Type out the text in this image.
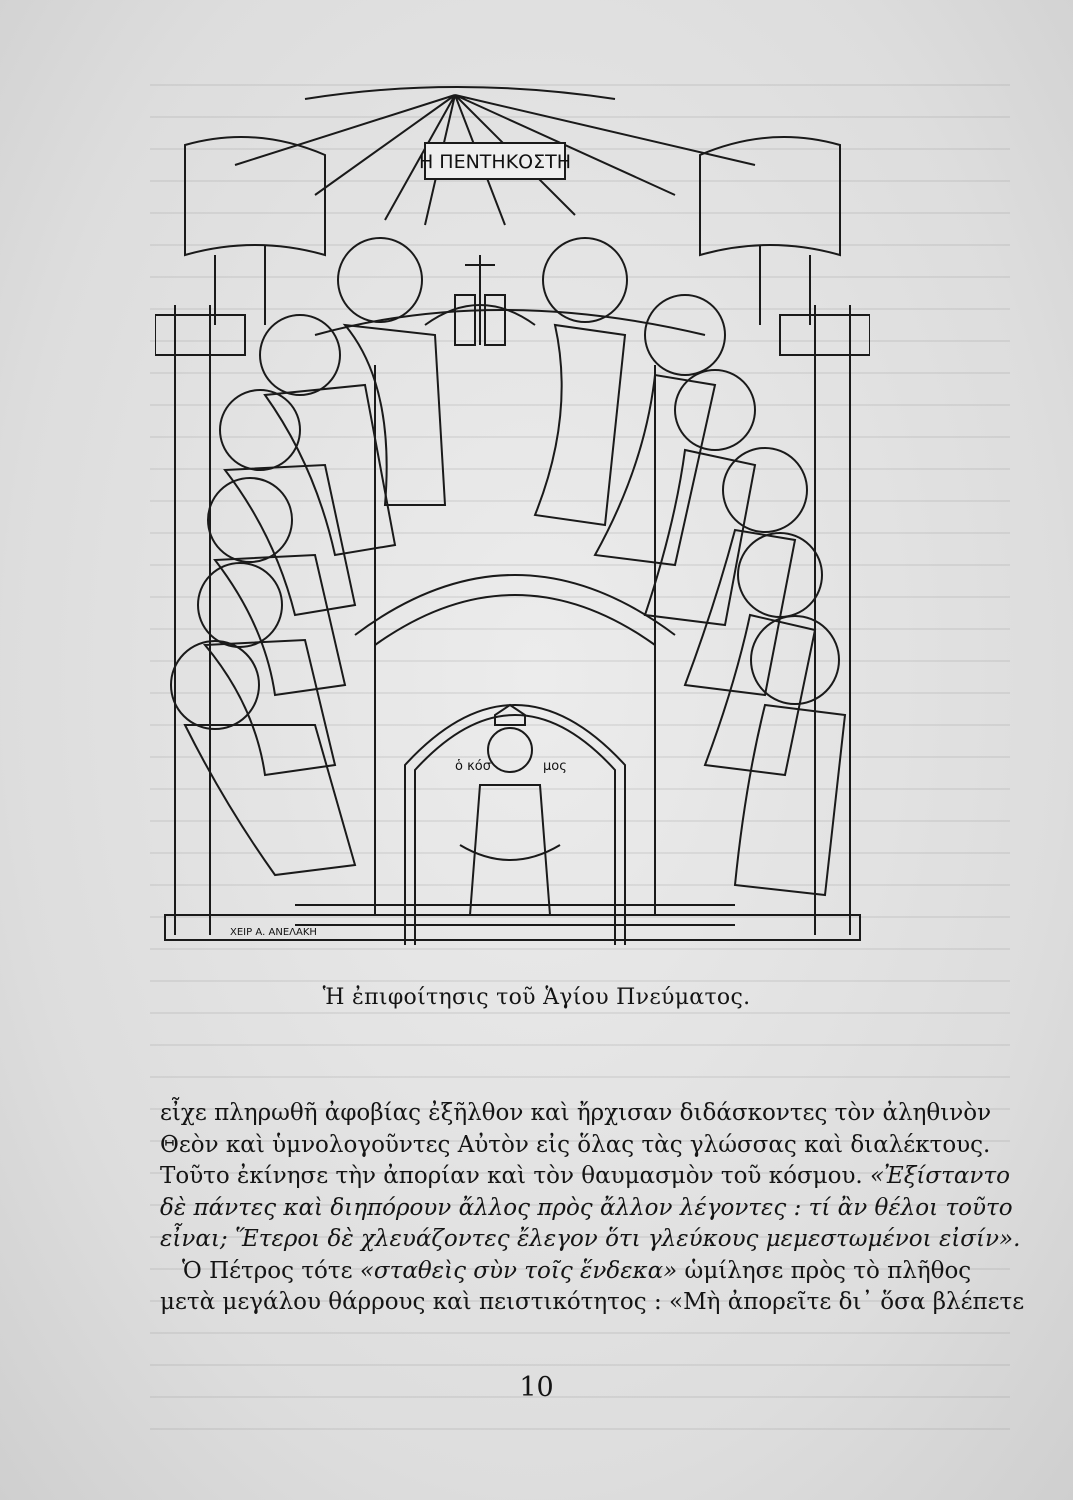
Η ΠΕΝΤΗΚΟΣΤΗ
ὁ κόσ	μος
ΧΕΙΡ Α. ΑΝΕΛΑΚΗ
Ἡ ἐπιφοίτησις τοῦ Ἁγίου Πνεύματος.
εἶχε πληρωθῆ ἀφοβίας ἐξῆλθον καὶ ἤρχισαν διδάσκοντες τὸν ἀληθινὸν
Θεὸν καὶ ὑμνολογοῦντες Αὐτὸν εἰς ὅλας τὰς γλώσσας καὶ διαλέκτους.
Τοῦτο ἐκίνησε τὴν ἀπορίαν καὶ τὸν θαυμασμὸν τοῦ κόσμου. «Ἐξίσταντο
δὲ πάντες καὶ διηπόρουν ἄλλος πρὸς ἄλλον λέγοντες : τί ἂν θέλοι τοῦτο
εἶναι; Ἕτεροι δὲ χλευάζοντες ἔλεγον ὅτι γλεύκους μεμεστωμένοι εἰσίν».
Ὁ Πέτρος τότε «σταθεὶς σὺν τοῖς ἕνδεκα» ὡμίλησε πρὸς τὸ πλῆθος
μετὰ μεγάλου θάρρους καὶ πειστικότητος : «Μὴ ἀπορεῖτε δι᾿ ὅσα βλέπετε
10
